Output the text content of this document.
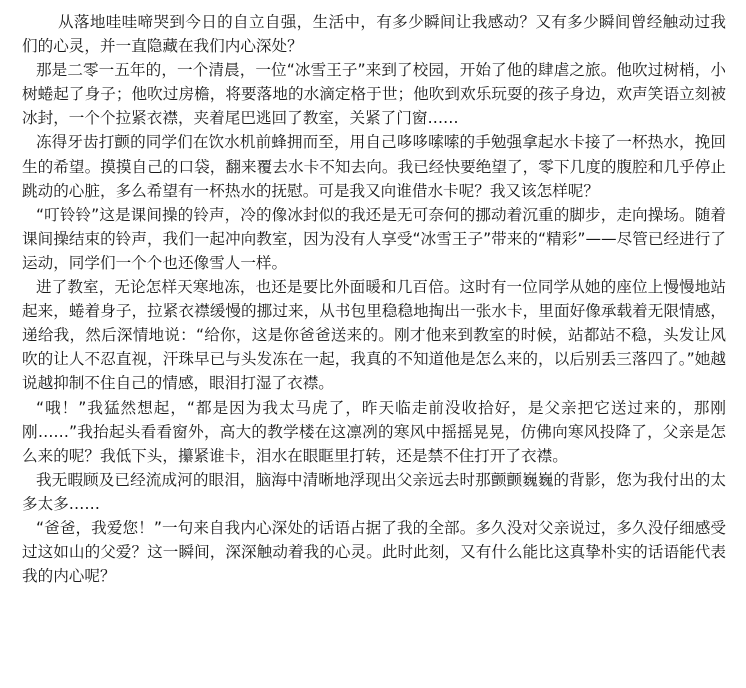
从落地哇哇啼哭到今日的自立自强，生活中，有多少瞬间让我感动？又有多少瞬间曾经触动过我们的心灵，并一直隐藏在我们内心深处？

那是二零一五年的，一个清晨，一位“冰雪王子”来到了校园，开始了他的肆虐之旅。他吹过树梢，小树蜷起了身子；他吹过房檐，将要落地的水滴定格于世；他吹到欢乐玩耍的孩子身边，欢声笑语立刻被冰封，一个个拉紧衣襟，夹着尾巴逃回了教室，关紧了门窗……

冻得牙齿打颤的同学们在饮水机前蜂拥而至，用自己哆哆嗦嗦的手勉强拿起水卡接了一杯热水，挽回生的希望。摸摸自己的口袋，翻来覆去水卡不知去向。我已经快要绝望了，零下几度的腹腔和几乎停止跳动的心脏，多么希望有一杯热水的抚慰。可是我又向谁借水卡呢？我又该怎样呢？

“叮铃铃”这是课间操的铃声，冷的像冰封似的我还是无可奈何的挪动着沉重的脚步，走向操场。随着课间操结束的铃声，我们一起冲向教室，因为没有人享受“冰雪王子”带来的“精彩”——尽管已经进行了运动，同学们一个个也还像雪人一样。

进了教室，无论怎样天寒地冻，也还是要比外面暖和几百倍。这时有一位同学从她的座位上慢慢地站起来，蜷着身子，拉紧衣襟缓慢的挪过来，从书包里稳稳地掏出一张水卡，里面好像承载着无限情感，递给我，然后深情地说：“给你，这是你爸爸送来的。刚才他来到教室的时候，站都站不稳，头发让风吹的让人不忍直视，汗珠早已与头发冻在一起，我真的不知道他是怎么来的，以后别丢三落四了。”她越说越抑制不住自己的情感，眼泪打湿了衣襟。

“哦！”我猛然想起，“都是因为我太马虎了，昨天临走前没收拾好，是父亲把它送过来的，那刚刚……”我抬起头看看窗外，高大的教学楼在这凛冽的寒风中摇摇晃晃，仿佛向寒风投降了，父亲是怎么来的呢？我低下头，攥紧谁卡，泪水在眼眶里打转，还是禁不住打开了衣襟。

我无暇顾及已经流成河的眼泪，脑海中清晰地浮现出父亲远去时那颤颤巍巍的背影，您为我付出的太多太多……

“爸爸，我爱您！”一句来自我内心深处的话语占据了我的全部。多久没对父亲说过，多久没仔细感受过这如山的父爱？这一瞬间，深深触动着我的心灵。此时此刻，又有什么能比这真挚朴实的话语能代表我的内心呢？
